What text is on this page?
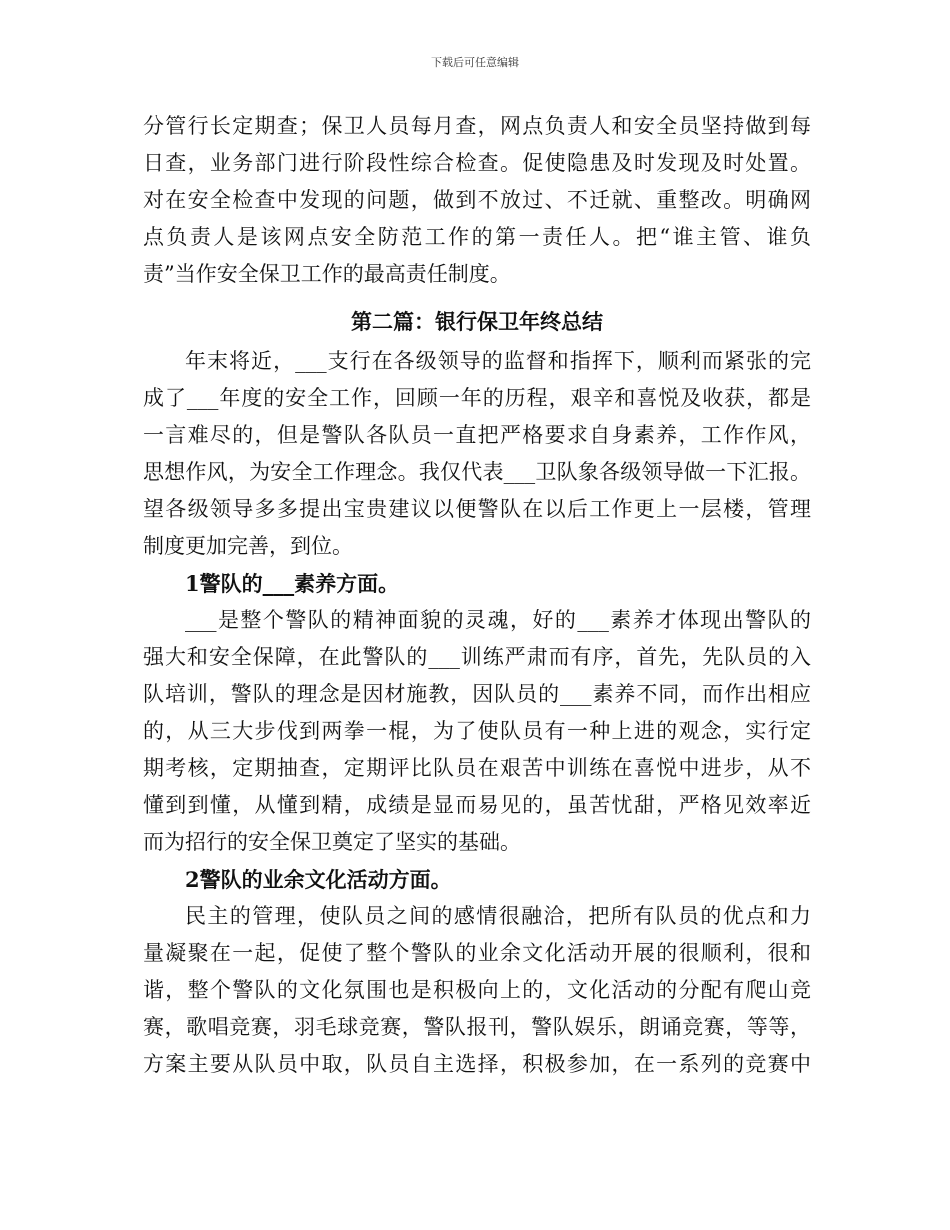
下载后可任意编辑
分管行长定期查；保卫人员每月查，网点负责人和安全员坚持做到每
日查，业务部门进行阶段性综合检查。促使隐患及时发现及时处置。
对在安全检查中发现的问题，做到不放过、不迁就、重整改。明确网
点负责人是该网点安全防范工作的第一责任人。把“谁主管、谁负
责”当作安全保卫工作的最高责任制度。
第二篇：银行保卫年终总结
年末将近，___支行在各级领导的监督和指挥下，顺利而紧张的完
成了___年度的安全工作，回顾一年的历程，艰辛和喜悦及收获，都是
一言难尽的，但是警队各队员一直把严格要求自身素养，工作作风，
思想作风，为安全工作理念。我仅代表___卫队象各级领导做一下汇报。
望各级领导多多提出宝贵建议以便警队在以后工作更上一层楼，管理
制度更加完善，到位。
1警队的___素养方面。
___是整个警队的精神面貌的灵魂，好的___素养才体现出警队的
强大和安全保障，在此警队的___训练严肃而有序，首先，先队员的入
队培训，警队的理念是因材施教，因队员的___素养不同，而作出相应
的，从三大步伐到两拳一棍，为了使队员有一种上进的观念，实行定
期考核，定期抽查，定期评比队员在艰苦中训练在喜悦中进步，从不
懂到到懂，从懂到精，成绩是显而易见的，虽苦忧甜，严格见效率近
而为招行的安全保卫奠定了坚实的基础。
2警队的业余文化活动方面。
民主的管理，使队员之间的感情很融洽，把所有队员的优点和力
量凝聚在一起，促使了整个警队的业余文化活动开展的很顺利，很和
谐，整个警队的文化氛围也是积极向上的，文化活动的分配有爬山竞
赛，歌唱竞赛，羽毛球竞赛，警队报刊，警队娱乐，朗诵竞赛，等等，
方案主要从队员中取，队员自主选择，积极参加，在一系列的竞赛中
